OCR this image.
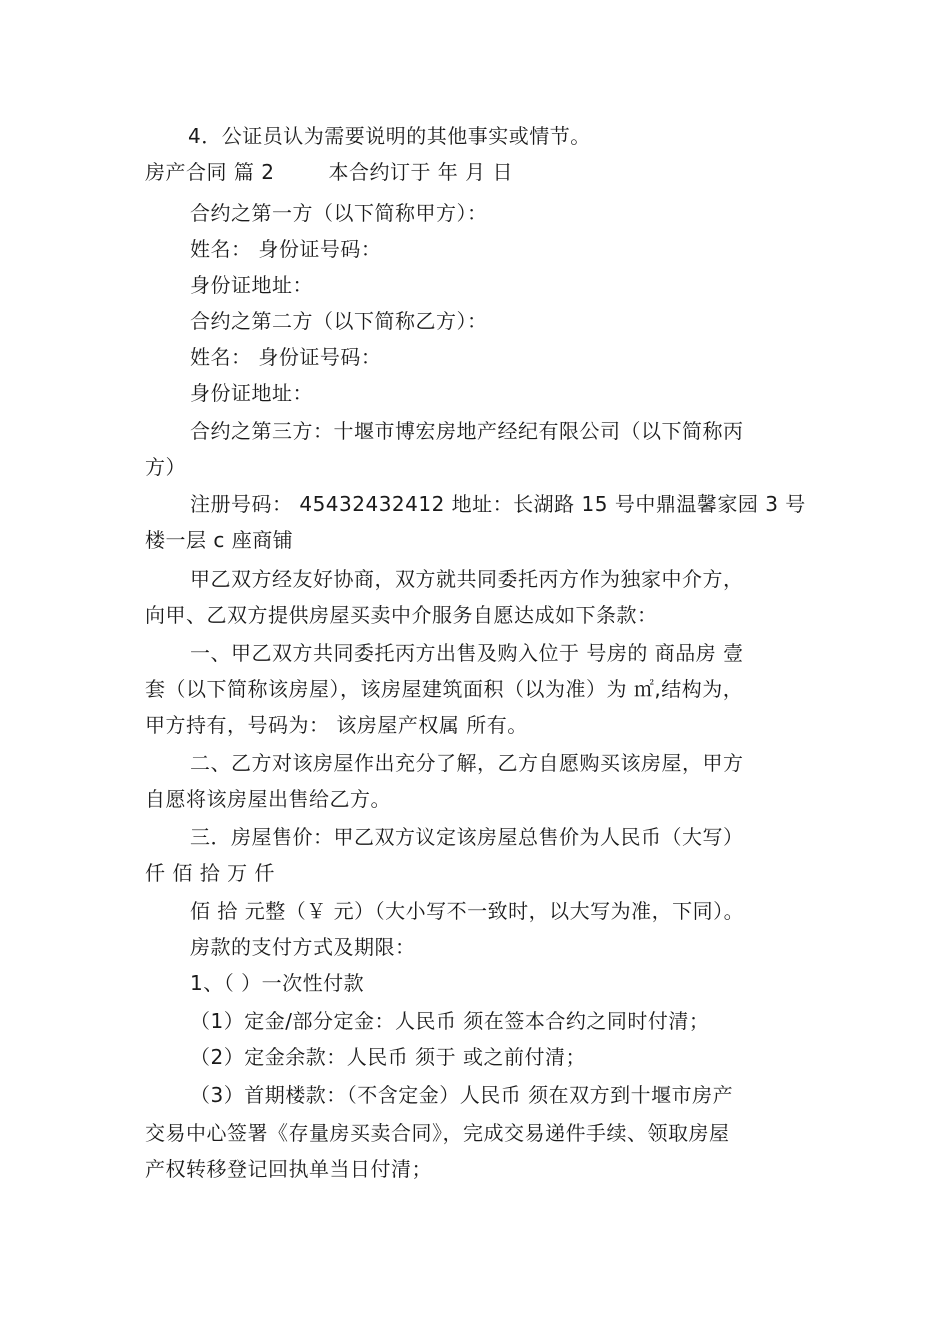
4．公证员认为需要说明的其他事实或情节。
房产合同 篇 2	本合约订于 年 月 日
合约之第一方（以下简称甲方）：
姓名： 身份证号码：
身份证地址：
合约之第二方（以下简称乙方）：
姓名： 身份证号码：
身份证地址：
合约之第三方：十堰市博宏房地产经纪有限公司（以下简称丙
方）
注册号码： 45432432412 地址：长湖路 15 号中鼎温馨家园 3 号
楼一层 c 座商铺
甲乙双方经友好协商，双方就共同委托丙方作为独家中介方，
向甲、乙双方提供房屋买卖中介服务自愿达成如下条款：
一、甲乙双方共同委托丙方出售及购入位于 号房的 商品房 壹
套（以下简称该房屋），该房屋建筑面积（以为准）为 ㎡,结构为，
甲方持有，号码为： 该房屋产权属 所有。
二、乙方对该房屋作出充分了解，乙方自愿购买该房屋，甲方
自愿将该房屋出售给乙方。
三．房屋售价：甲乙双方议定该房屋总售价为人民币（大写）
仟 佰 拾 万 仟
佰 拾 元整（￥ 元）（大小写不一致时，以大写为准，下同）。
房款的支付方式及期限：
1、（ ）一次性付款
（1）定金/部分定金：人民币 须在签本合约之同时付清；
（2）定金余款：人民币 须于 或之前付清；
（3）首期楼款：（不含定金）人民币 须在双方到十堰市房产
交易中心签署《存量房买卖合同》，完成交易递件手续、领取房屋
产权转移登记回执单当日付清；
